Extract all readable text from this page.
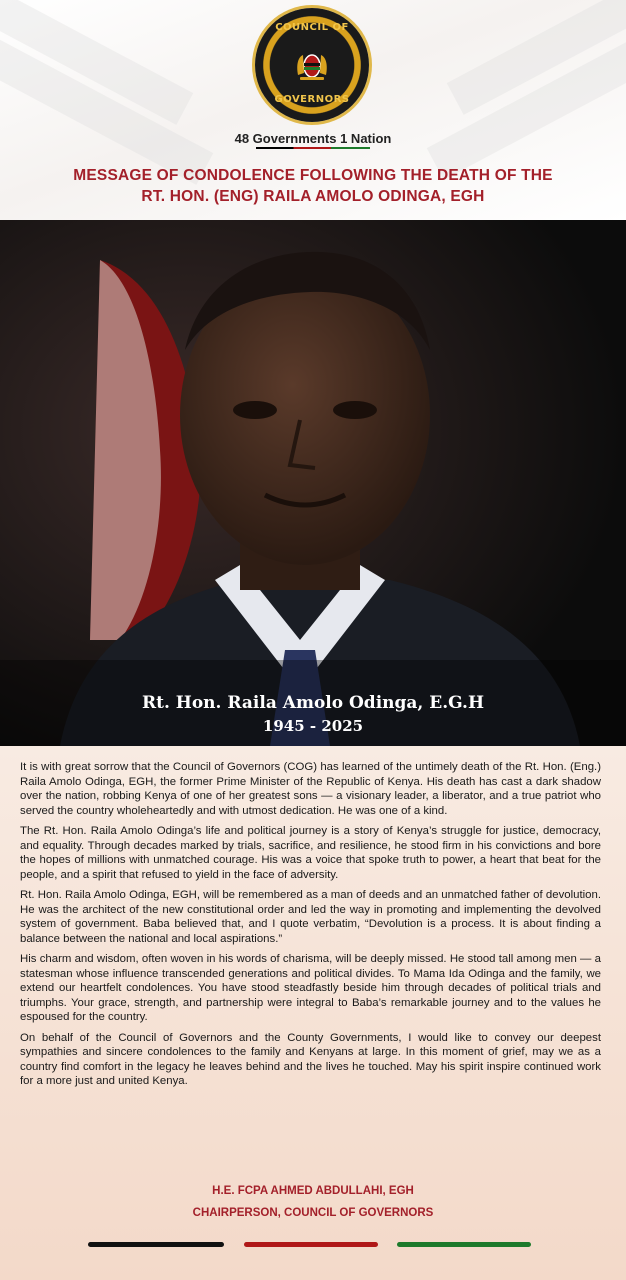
COUNCIL OF
GOVERNORS
48 Governments 1 Nation
MESSAGE OF CONDOLENCE FOLLOWING THE DEATH OF THE
RT. HON. (ENG) RAILA AMOLO ODINGA, EGH
Rt. Hon. Raila Amolo Odinga, E.G.H
1945 - 2025

It is with great sorrow that the Council of Governors (COG) has learned of the untimely death of the Rt. Hon. (Eng.) Raila Amolo Odinga, EGH, the former Prime Minister of the Republic of Kenya. His death has cast a dark shadow over the nation, robbing Kenya of one of her greatest sons — a visionary leader, a liberator, and a true patriot who served the country wholeheartedly and with utmost dedication. He was one of a kind.

The Rt. Hon. Raila Amolo Odinga’s life and political journey is a story of Kenya’s struggle for justice, democracy, and equality. Through decades marked by trials, sacrifice, and resilience, he stood firm in his convictions and bore the hopes of millions with unmatched courage. His was a voice that spoke truth to power, a heart that beat for the people, and a spirit that refused to yield in the face of adversity.

Rt. Hon. Raila Amolo Odinga, EGH, will be remembered as a man of deeds and an unmatched father of devolution. He was the architect of the new constitutional order and led the way in promoting and implementing the devolved system of government. Baba believed that, and I quote verbatim, “Devolution is a process. It is about finding a balance between the national and local aspirations.”

His charm and wisdom, often woven in his words of charisma, will be deeply missed. He stood tall among men — a statesman whose influence transcended generations and political divides. To Mama Ida Odinga and the family, we extend our heartfelt condolences. You have stood steadfastly beside him through decades of political trials and triumphs. Your grace, strength, and partnership were integral to Baba’s remarkable journey and to the values he espoused for the country.

On behalf of the Council of Governors and the County Governments, I would like to convey our deepest sympathies and sincere condolences to the family and Kenyans at large. In this moment of grief, may we as a country find comfort in the legacy he leaves behind and the lives he touched. May his spirit inspire continued work for a more just and united Kenya.

H.E. FCPA AHMED ABDULLAHI, EGH
CHAIRPERSON, COUNCIL OF GOVERNORS
